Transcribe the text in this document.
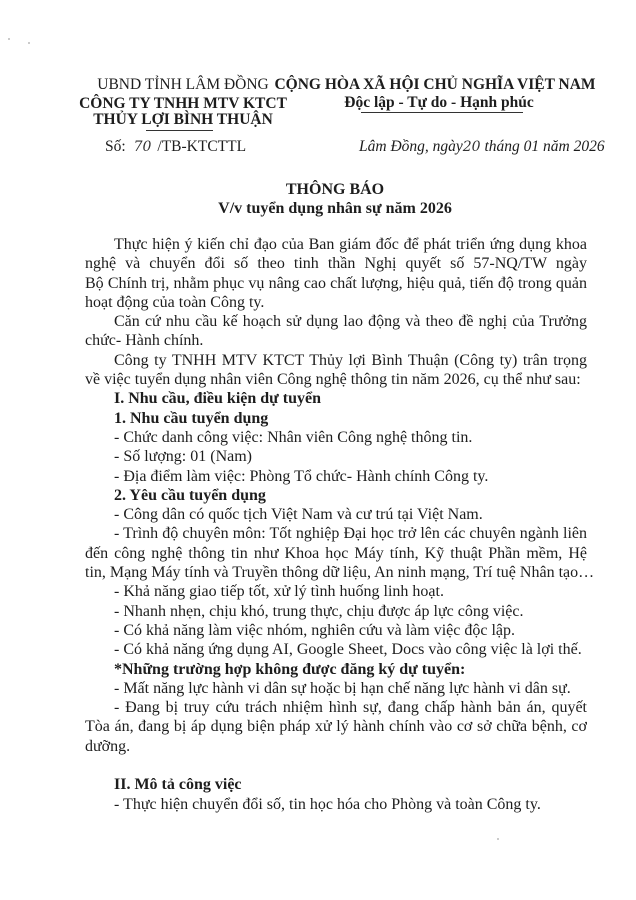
UBND TỈNH LÂM ĐỒNG
CÔNG TY TNHH MTV KTCT
THỦY LỢI BÌNH THUẬN
Số: 70 /TB-KTCTTL
CỘNG HÒA XÃ HỘI CHỦ NGHĨA VIỆT NAM
Độc lập - Tự do - Hạnh phúc
Lâm Đồng, ngày20 tháng 01 năm 2026
THÔNG BÁO
V/v tuyển dụng nhân sự năm 2026
Thực hiện ý kiến chỉ đạo của Ban giám đốc để phát triển ứng dụng khoa
nghệ và chuyển đổi số theo tinh thần Nghị quyết số 57-NQ/TW ngày
Bộ Chính trị, nhằm phục vụ nâng cao chất lượng, hiệu quả, tiến độ trong quản
hoạt động của toàn Công ty.
Căn cứ nhu cầu kế hoạch sử dụng lao động và theo đề nghị của Trưởng
chức- Hành chính.
Công ty TNHH MTV KTCT Thủy lợi Bình Thuận (Công ty) trân trọng
về việc tuyển dụng nhân viên Công nghệ thông tin năm 2026, cụ thể như sau:
I. Nhu cầu, điều kiện dự tuyển
1. Nhu cầu tuyển dụng
- Chức danh công việc: Nhân viên Công nghệ thông tin.
- Số lượng: 01 (Nam)
- Địa điểm làm việc: Phòng Tổ chức- Hành chính Công ty.
2. Yêu cầu tuyển dụng
- Công dân có quốc tịch Việt Nam và cư trú tại Việt Nam.
- Trình độ chuyên môn: Tốt nghiệp Đại học trở lên các chuyên ngành liên
đến công nghệ thông tin như Khoa học Máy tính, Kỹ thuật Phần mềm, Hệ
tin, Mạng Máy tính và Truyền thông dữ liệu, An ninh mạng, Trí tuệ Nhân tạo…
- Khả năng giao tiếp tốt, xử lý tình huống linh hoạt.
- Nhanh nhẹn, chịu khó, trung thực, chịu được áp lực công việc.
- Có khả năng làm việc nhóm, nghiên cứu và làm việc độc lập.
- Có khả năng ứng dụng AI, Google Sheet, Docs vào công việc là lợi thế.
*Những trường hợp không được đăng ký dự tuyển:
- Mất năng lực hành vi dân sự hoặc bị hạn chế năng lực hành vi dân sự.
- Đang bị truy cứu trách nhiệm hình sự, đang chấp hành bản án, quyết
Tòa án, đang bị áp dụng biện pháp xử lý hành chính vào cơ sở chữa bệnh, cơ
dưỡng.
II. Mô tả công việc
- Thực hiện chuyển đổi số, tin học hóa cho Phòng và toàn Công ty.
